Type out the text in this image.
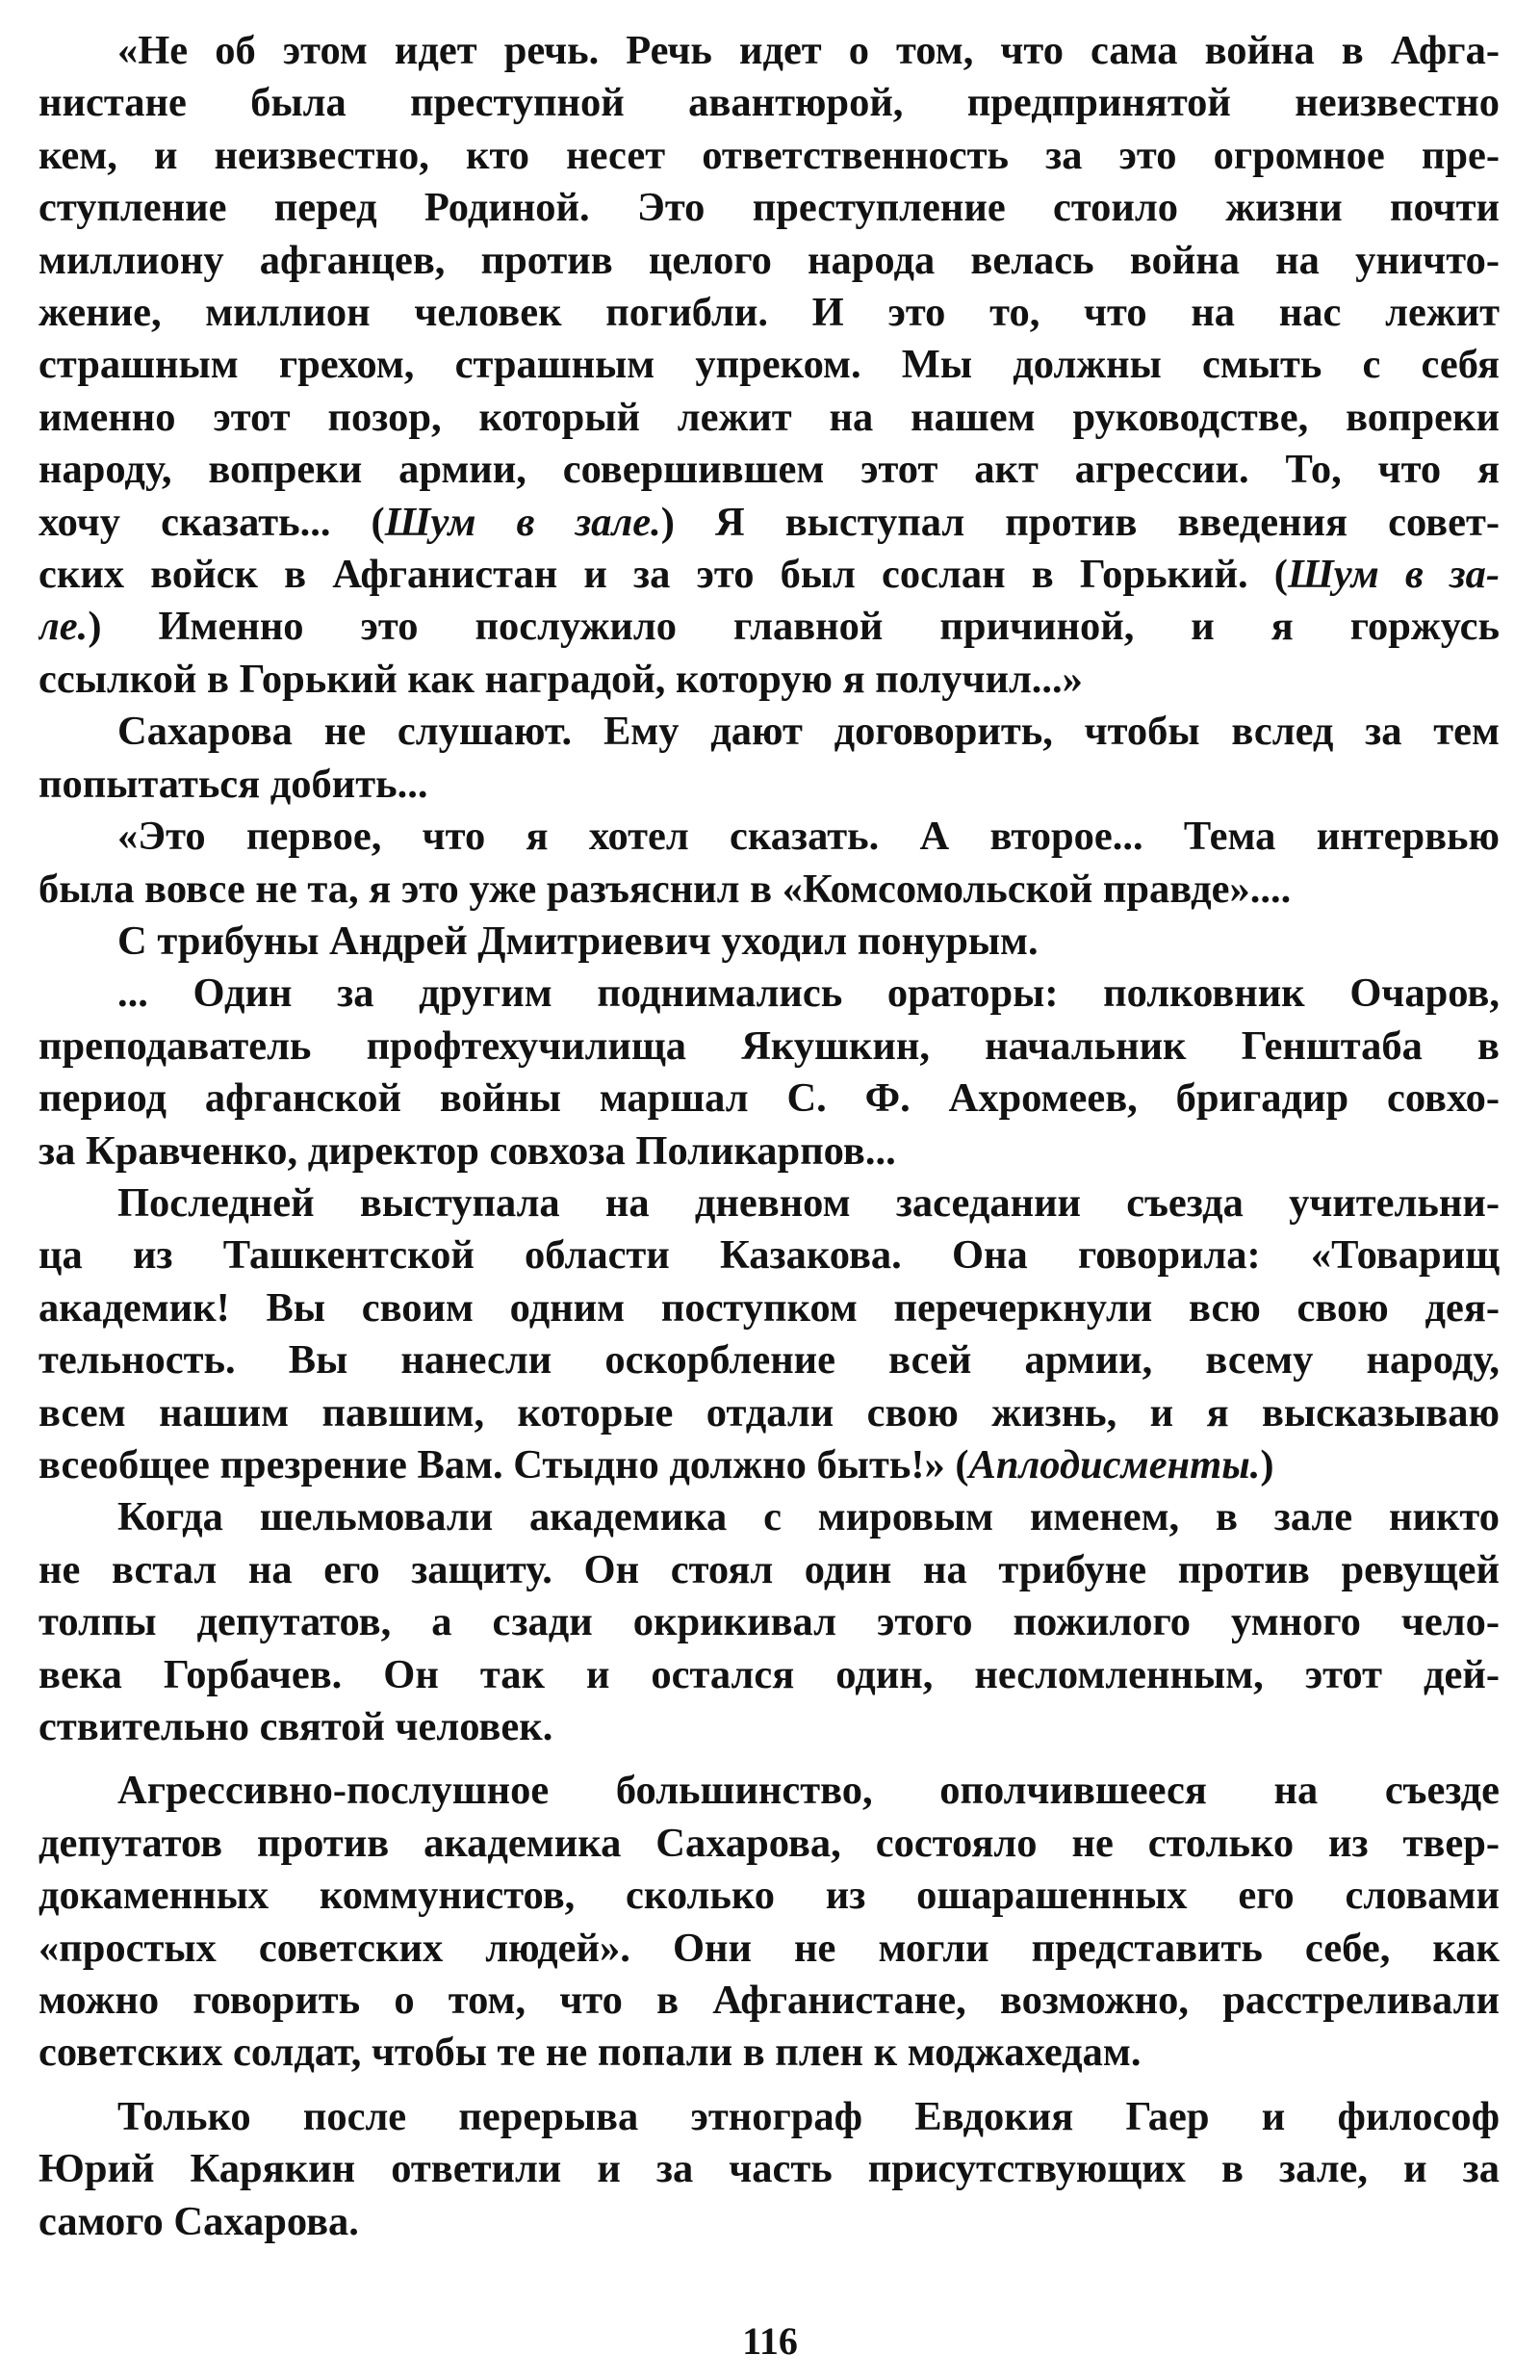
«Не об этом идет речь. Речь идет о том, что сама война в Афга-
нистане была преступной авантюрой, предпринятой неизвестно
кем, и неизвестно, кто несет ответственность за это огромное пре-
ступление перед Родиной. Это преступление стоило жизни почти
миллиону афганцев, против целого народа велась война на уничто-
жение, миллион человек погибли. И это то, что на нас лежит
страшным грехом, страшным упреком. Мы должны смыть с себя
именно этот позор, который лежит на нашем руководстве, вопреки
народу, вопреки армии, совершившем этот акт агрессии. То, что я
хочу сказать... (Шум в зале.) Я выступал против введения совет-
ских войск в Афганистан и за это был сослан в Горький. (Шум в за-
ле.) Именно это послужило главной причиной, и я горжусь
ссылкой в Горький как наградой, которую я получил...»
Сахарова не слушают. Ему дают договорить, чтобы вслед за тем
попытаться добить...
«Это первое, что я хотел сказать. А второе... Тема интервью
была вовсе не та, я это уже разъяснил в «Комсомольской правде»....
С трибуны Андрей Дмитриевич уходил понурым.
... Один за другим поднимались ораторы: полковник Очаров,
преподаватель профтехучилища Якушкин, начальник Генштаба в
период афганской войны маршал С. Ф. Ахромеев, бригадир совхо-
за Кравченко, директор совхоза Поликарпов...
Последней выступала на дневном заседании съезда учительни-
ца из Ташкентской области Казакова. Она говорила: «Товарищ
академик! Вы своим одним поступком перечеркнули всю свою дея-
тельность. Вы нанесли оскорбление всей армии, всему народу,
всем нашим павшим, которые отдали свою жизнь, и я высказываю
всеобщее презрение Вам. Стыдно должно быть!» (Аплодисменты.)
Когда шельмовали академика с мировым именем, в зале никто
не встал на его защиту. Он стоял один на трибуне против ревущей
толпы депутатов, а сзади окрикивал этого пожилого умного чело-
века Горбачев. Он так и остался один, несломленным, этот дей-
ствительно святой человек.
Агрессивно-послушное большинство, ополчившееся на съезде
депутатов против академика Сахарова, состояло не столько из твер-
докаменных коммунистов, сколько из ошарашенных его словами
«простых советских людей». Они не могли представить себе, как
можно говорить о том, что в Афганистане, возможно, расстреливали
советских солдат, чтобы те не попали в плен к моджахедам.
Только после перерыва этнограф Евдокия Гаер и философ
Юрий Карякин ответили и за часть присутствующих в зале, и за
самого Сахарова.
116
